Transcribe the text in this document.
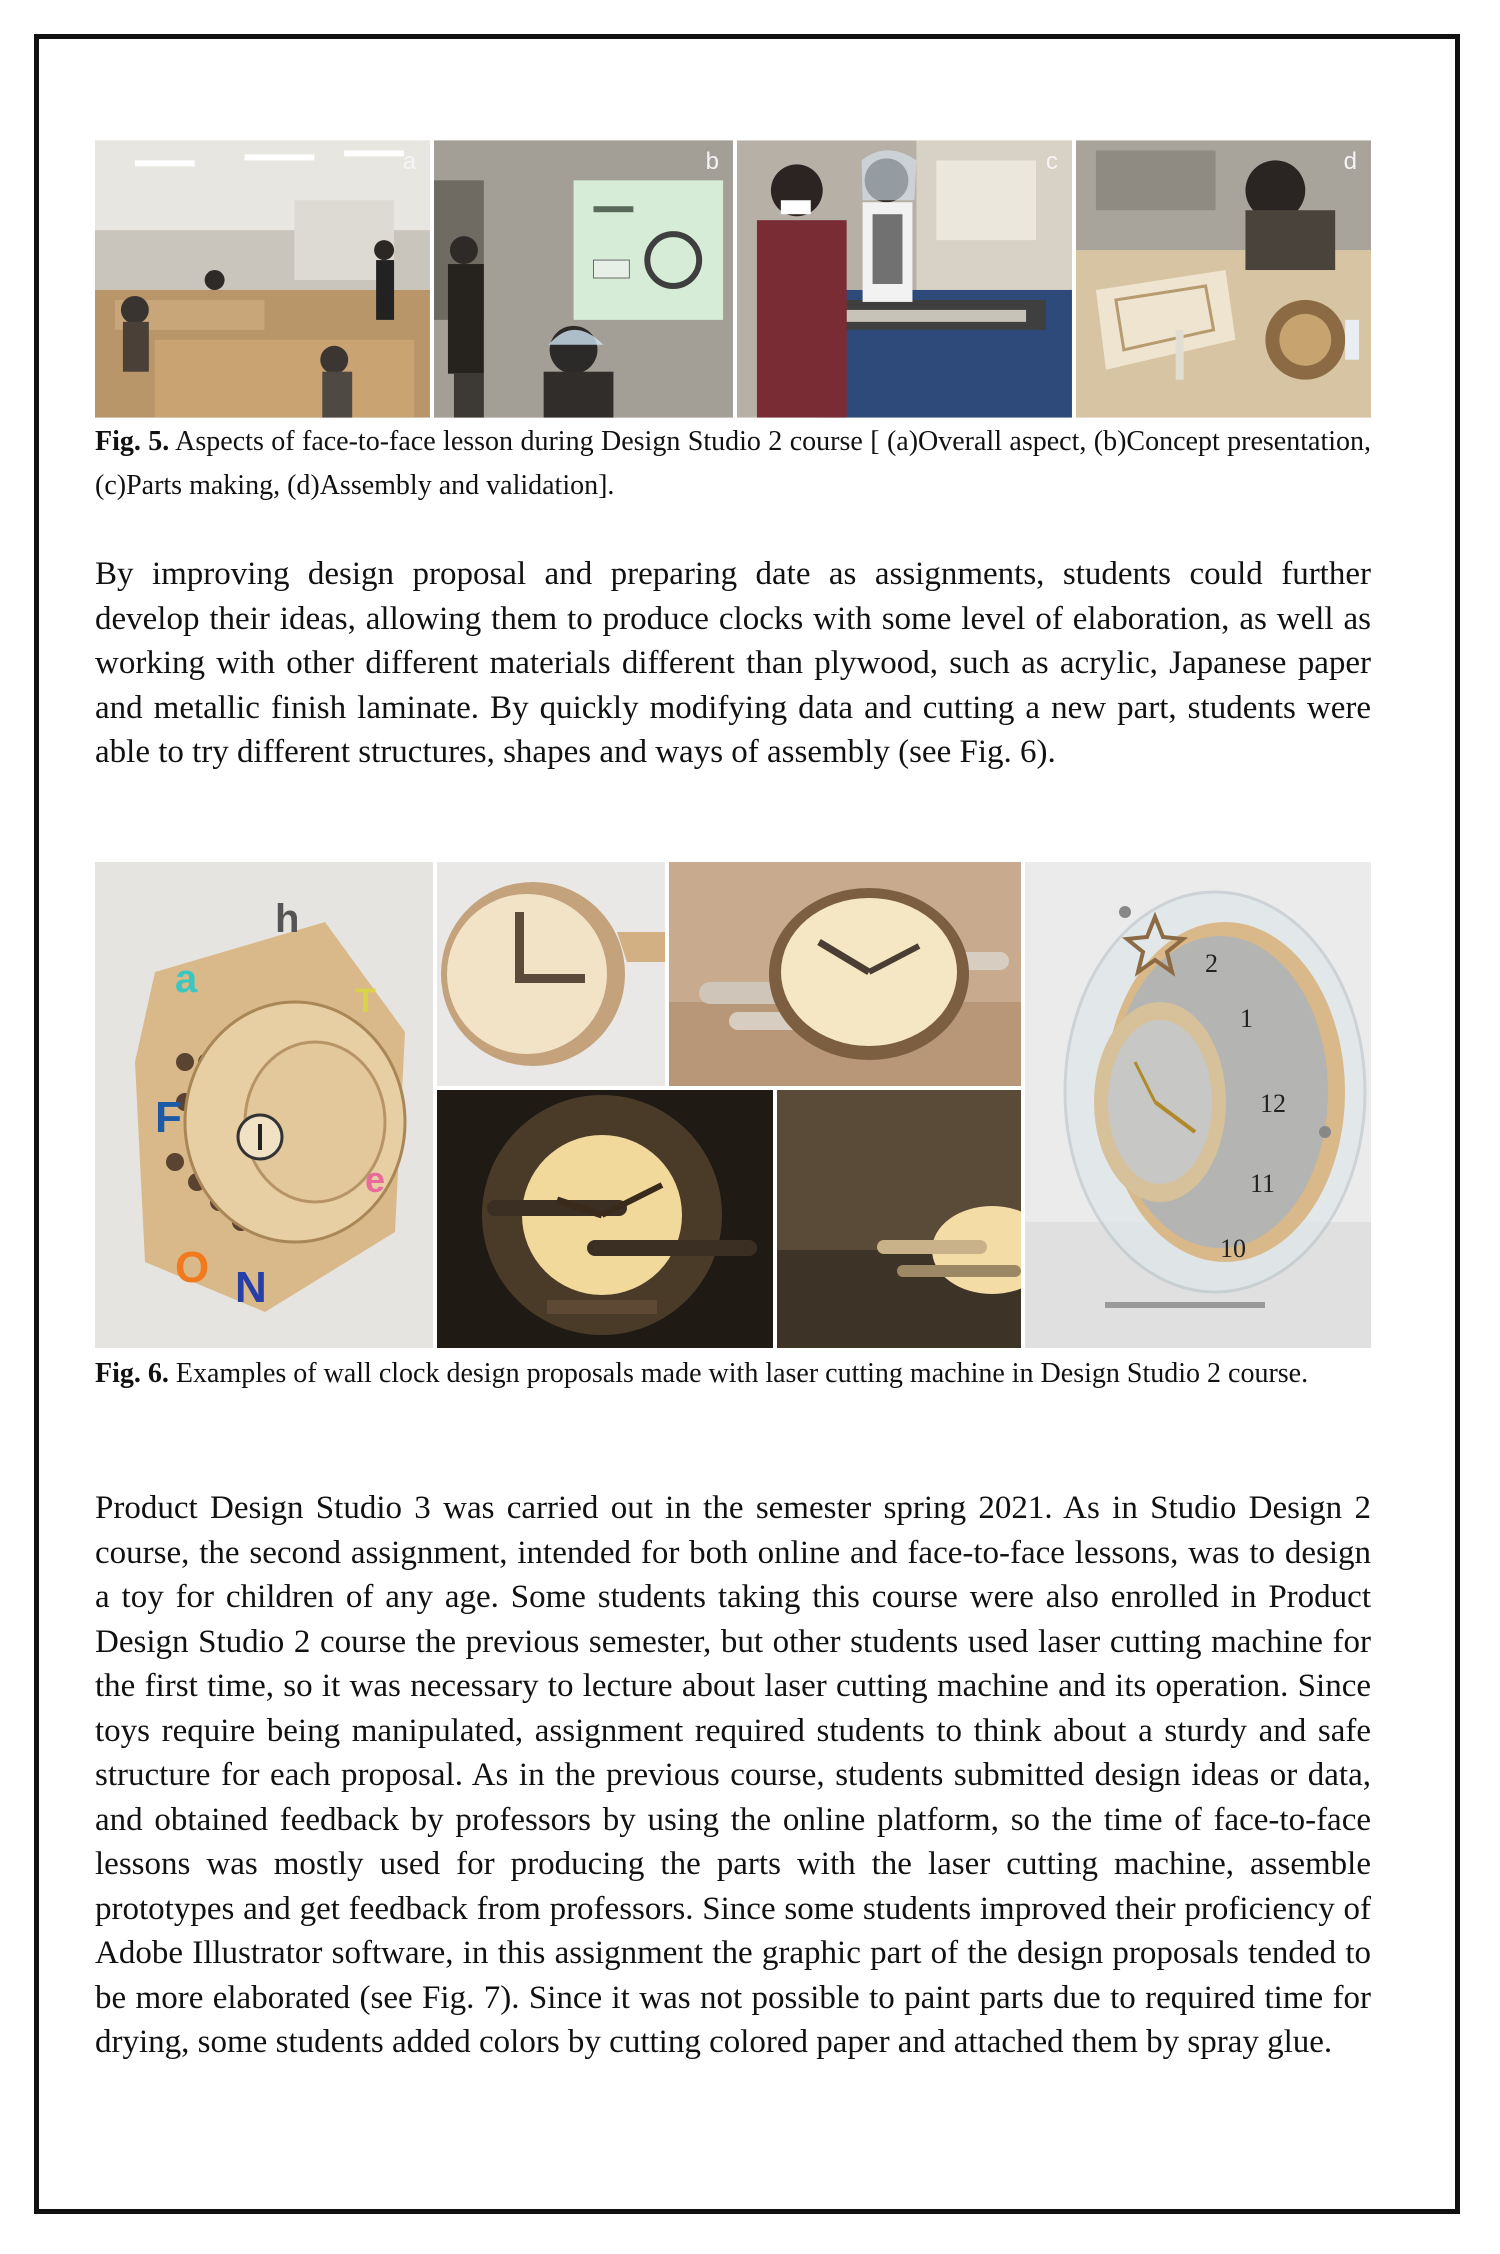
a	b	c	d
Fig. 5. Aspects of face-to-face lesson during Design Studio 2 course [ (a)Overall aspect, (b)Concept presentation, (c)Parts making, (d)Assembly and validation].
By improving design proposal and preparing date as assignments, students could further develop their ideas, allowing them to produce clocks with some level of elaboration, as well as working with other different materials different than plywood, such as acrylic, Japanese paper and metallic finish laminate. By quickly modifying data and cutting a new part, students were able to try different structures, shapes and ways of assembly (see Fig. 6).
a
h
F
O N
T
e
2
1
12
11
10
Fig. 6. Examples of wall clock design proposals made with laser cutting machine in Design Studio 2 course.
Product Design Studio 3 was carried out in the semester spring 2021. As in Studio Design 2 course, the second assignment, intended for both online and face-to-face lessons, was to design a toy for children of any age. Some students taking this course were also enrolled in Product Design Studio 2 course the previous semester, but other students used laser cutting machine for the first time, so it was necessary to lecture about laser cutting machine and its operation. Since toys require being manipulated, assignment required students to think about a sturdy and safe structure for each proposal. As in the previous course, students submitted design ideas or data, and obtained feedback by professors by using the online platform, so the time of face-to-face lessons was mostly used for producing the parts with the laser cutting machine, assemble prototypes and get feedback from professors. Since some students improved their proficiency of Adobe Illustrator software, in this assignment the graphic part of the design proposals tended to be more elaborated (see Fig. 7). Since it was not possible to paint parts due to required time for drying, some students added colors by cutting colored paper and attached them by spray glue.
